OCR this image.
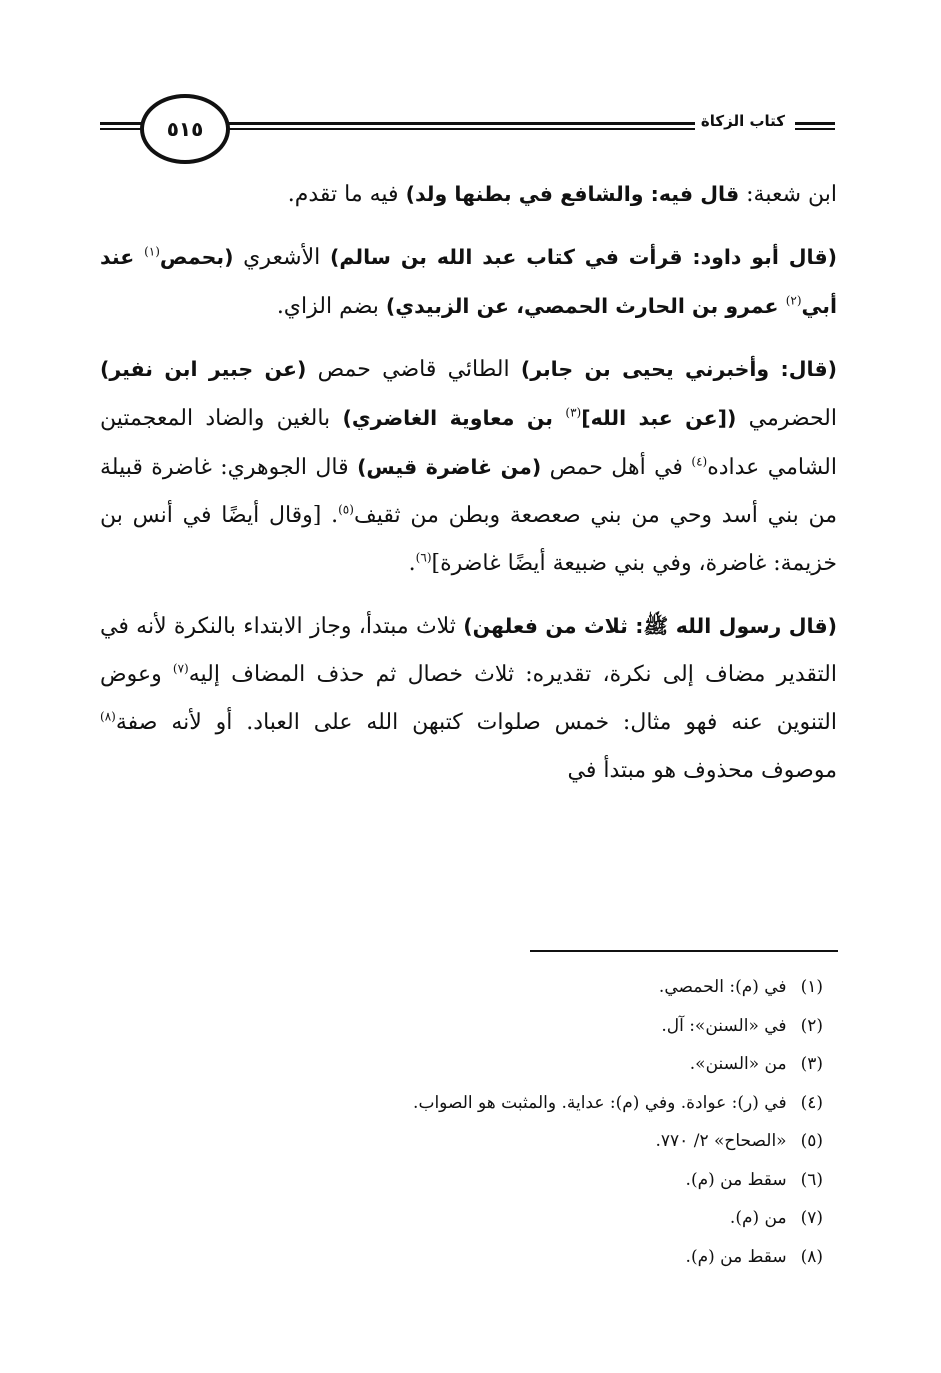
٥١٥	كتاب الزكاة

ابن شعبة: قال فيه: والشافع في بطنها ولد) فيه ما تقدم.

(قال أبو داود: قرأت في كتاب عبد الله بن سالم) الأشعري (بحمص$^{(١)}$ عند أبي$^{(٢)}$ عمرو بن الحارث الحمصي، عن الزبيدي) بضم الزاي.

(قال: وأخبرني يحيى بن جابر) الطائي قاضي حمص (عن جبير ابن نفير) الحضرمي ([عن عبد الله]$^{(٣)}$ بن معاوية الغاضري) بالغين والضاد المعجمتين الشامي عداده$^{(٤)}$ في أهل حمص (من غاضرة قيس) قال الجوهري: غاضرة قبيلة من بني أسد وحي من بني صعصعة وبطن من ثقيف$^{(٥)}$. [وقال أيضًا في أنس بن خزيمة: غاضرة، وفي بني ضبيعة أيضًا غاضرة]$^{(٦)}$.

(قال رسول الله ﷺ: ثلاث من فعلهن) ثلاث مبتدأ، وجاز الابتداء بالنكرة لأنه في التقدير مضاف إلى نكرة، تقديره: ثلاث خصال ثم حذف المضاف إليه$^{(٧)}$ وعوض التنوين عنه فهو مثال: خمس صلوات كتبهن الله على العباد. أو لأنه صفة$^{(٨)}$ موصوف محذوف هو مبتدأ في

(١)في (م): الحمصي.
(٢)في «السنن»: آل.
(٣)من «السنن».
(٤)في (ر): عوادة. وفي (م): عداية. والمثبت هو الصواب.
(٥)«الصحاح» ٢/ ٧٧٠.
(٦)سقط من (م).
(٧)من (م).
(٨)سقط من (م).
